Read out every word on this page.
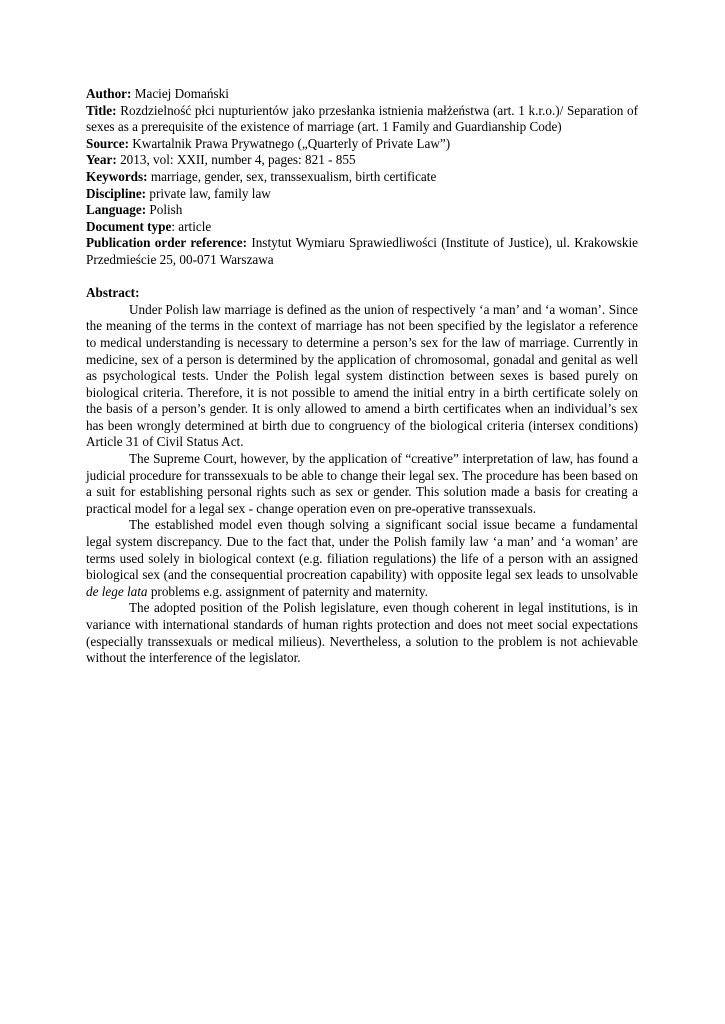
Author: Maciej Domański

Title: Rozdzielność płci nupturientów jako przesłanka istnienia małżeństwa (art. 1 k.r.o.)/ Separation of sexes as a prerequisite of the existence of marriage (art. 1 Family and Guardianship Code)

Source: Kwartalnik Prawa Prywatnego („Quarterly of Private Law”)

Year: 2013, vol: XXII, number 4, pages: 821 - 855

Keywords: marriage, gender, sex, transsexualism, birth certificate

Discipline: private law, family law

Language: Polish

Document type: article

Publication order reference: Instytut Wymiaru Sprawiedliwości (Institute of Justice), ul. Krakowskie Przedmieście 25, 00-071 Warszawa

Abstract:

Under Polish law marriage is defined as the union of respectively ‘a man’ and ‘a woman’. Since the meaning of the terms in the context of marriage has not been specified by the legislator a reference to medical understanding is necessary to determine a person’s sex for the law of marriage. Currently in medicine, sex of a person is determined by the application of chromosomal, gonadal and genital as well as psychological tests. Under the Polish legal system distinction between sexes is based purely on biological criteria. Therefore, it is not possible to amend the initial entry in a birth certificate solely on the basis of a person’s gender. It is only allowed to amend a birth certificates when an individual’s sex has been wrongly determined at birth due to congruency of the biological criteria (intersex conditions) Article 31 of Civil Status Act.

The Supreme Court, however, by the application of “creative” interpretation of law, has found a judicial procedure for transsexuals to be able to change their legal sex. The procedure has been based on a suit for establishing personal rights such as sex or gender. This solution made a basis for creating a practical model for a legal sex - change operation even on pre-operative transsexuals.

The established model even though solving a significant social issue became a fundamental legal system discrepancy. Due to the fact that, under the Polish family law ‘a man’ and ‘a woman’ are terms used solely in biological context (e.g. filiation regulations) the life of a person with an assigned biological sex (and the consequential procreation capability) with opposite legal sex leads to unsolvable de lege lata problems e.g. assignment of paternity and maternity.

The adopted position of the Polish legislature, even though coherent in legal institutions, is in variance with international standards of human rights protection and does not meet social expectations (especially transsexuals or medical milieus). Nevertheless, a solution to the problem is not achievable without the interference of the legislator.
